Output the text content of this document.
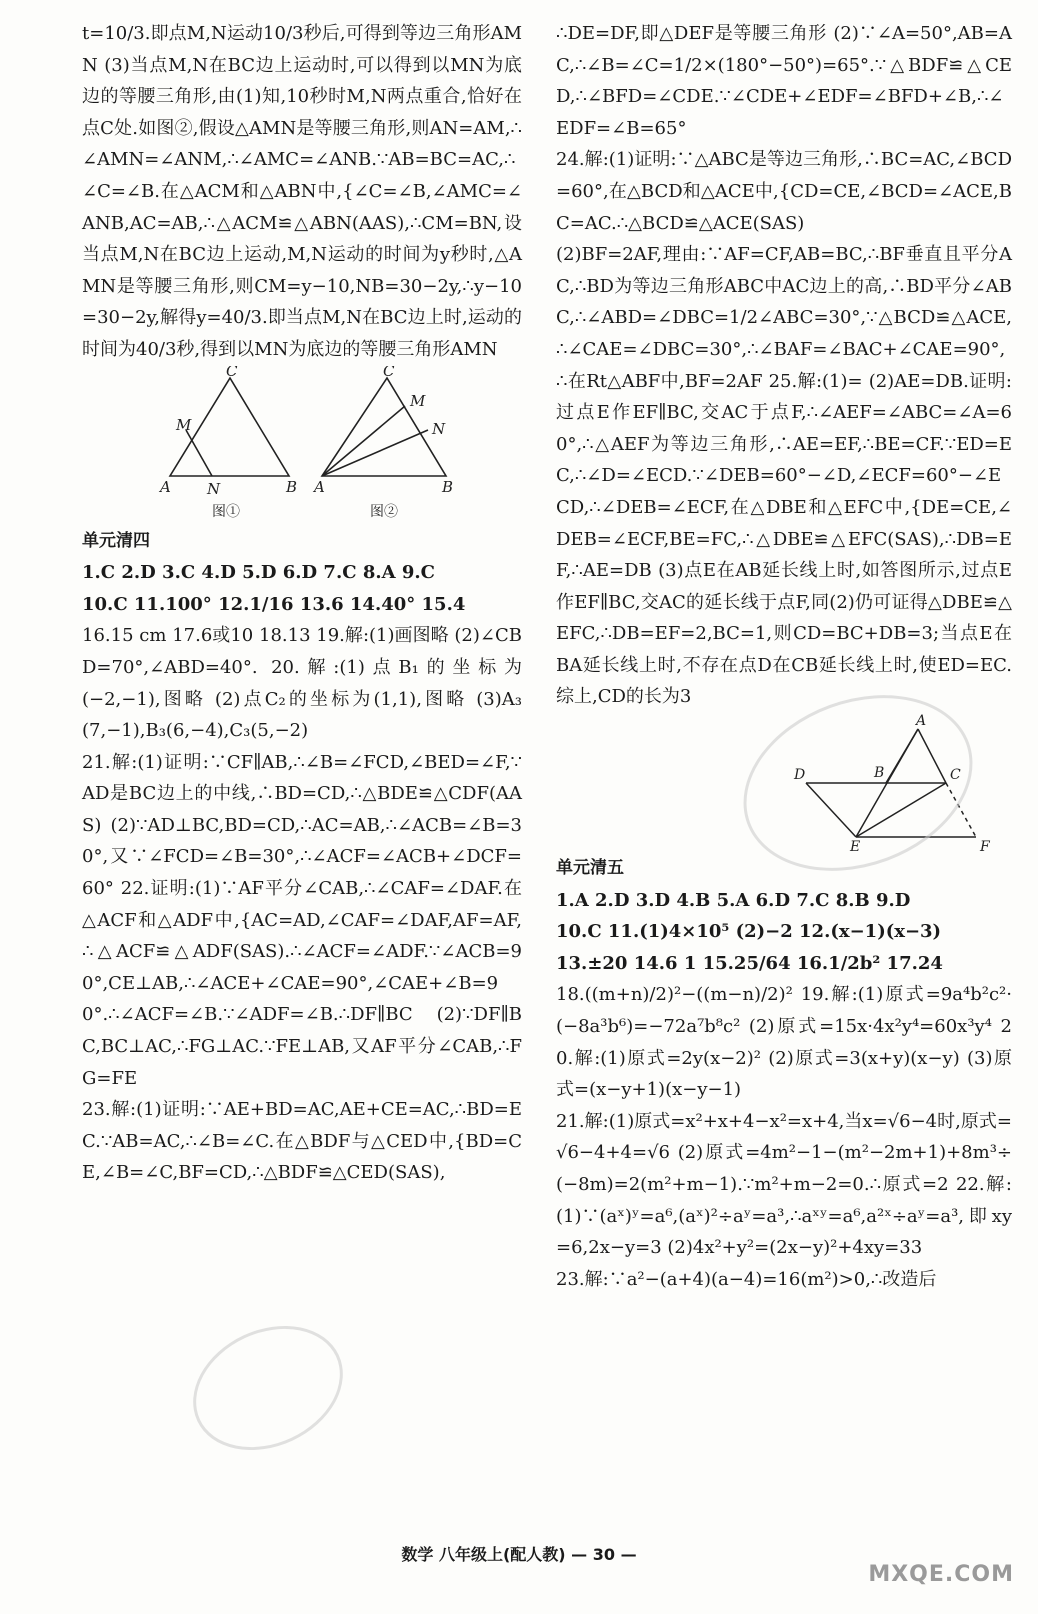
t=10/3.即点M,N运动10/3秒后,可得到等边三角形AMN (3)当点M,N在BC边上运动时,可以得到以MN为底边的等腰三角形,由(1)知,10秒时M,N两点重合,恰好在点C处.如图②,假设△AMN是等腰三角形,则AN=AM,∴∠AMN=∠ANM,∴∠AMC=∠ANB.∵AB=BC=AC,∴∠C=∠B.在△ACM和△ABN中,{∠C=∠B,∠AMC=∠ANB,AC=AB,∴△ACM≌△ABN(AAS),∴CM=BN,设当点M,N在BC边上运动,M,N运动的时间为y秒时,△AMN是等腰三角形,则CM=y−10,NB=30−2y,∴y−10=30−2y,解得y=40/3.即当点M,N在BC边上时,运动的时间为40/3秒,得到以MN为底边的等腰三角形AMN

C
A	B
M
N
C
A	B
M
N
图①	图②

单元清四

1.C 2.D 3.C 4.D 5.D 6.D 7.C 8.A 9.C

10.C 11.100° 12.1/16 13.6 14.40° 15.4

16.15 cm 17.6或10 18.13 19.解:(1)画图略 (2)∠CBD=70°,∠ABD=40°. 20.解:(1)点B₁的坐标为(−2,−1),图略 (2)点C₂的坐标为(1,1),图略 (3)A₃(7,−1),B₃(6,−4),C₃(5,−2)

21.解:(1)证明:∵CF∥AB,∴∠B=∠FCD,∠BED=∠F,∵AD是BC边上的中线,∴BD=CD,∴△BDE≌△CDF(AAS) (2)∵AD⊥BC,BD=CD,∴AC=AB,∴∠ACB=∠B=30°,又∵∠FCD=∠B=30°,∴∠ACF=∠ACB+∠DCF=60° 22.证明:(1)∵AF平分∠CAB,∴∠CAF=∠DAF.在△ACF和△ADF中,{AC=AD,∠CAF=∠DAF,AF=AF,∴△ACF≌△ADF(SAS).∴∠ACF=∠ADF.∵∠ACB=90°,CE⊥AB,∴∠ACE+∠CAE=90°,∠CAE+∠B=90°.∴∠ACF=∠B.∵∠ADF=∠B.∴DF∥BC (2)∵DF∥BC,BC⊥AC,∴FG⊥AC.∵FE⊥AB,又AF平分∠CAB,∴FG=FE

23.解:(1)证明:∵AE+BD=AC,AE+CE=AC,∴BD=EC.∵AB=AC,∴∠B=∠C.在△BDF与△CED中,{BD=CE,∠B=∠C,BF=CD,∴△BDF≌△CED(SAS),

∴DE=DF,即△DEF是等腰三角形 (2)∵∠A=50°,AB=AC,∴∠B=∠C=1/2×(180°−50°)=65°.∵△BDF≌△CED,∴∠BFD=∠CDE.∵∠CDE+∠EDF=∠BFD+∠B,∴∠EDF=∠B=65°

24.解:(1)证明:∵△ABC是等边三角形,∴BC=AC,∠BCD=60°,在△BCD和△ACE中,{CD=CE,∠BCD=∠ACE,BC=AC.∴△BCD≌△ACE(SAS)

(2)BF=2AF,理由:∵AF=CF,AB=BC,∴BF垂直且平分AC,∴BD为等边三角形ABC中AC边上的高,∴BD平分∠ABC,∴∠ABD=∠DBC=1/2∠ABC=30°,∵△BCD≌△ACE,∴∠CAE=∠DBC=30°,∴∠BAF=∠BAC+∠CAE=90°,∴在Rt△ABF中,BF=2AF 25.解:(1)= (2)AE=DB.证明:过点E作EF∥BC,交AC于点F,∴∠AEF=∠ABC=∠A=60°,∴△AEF为等边三角形,∴AE=EF,∴BE=CF.∵ED=EC,∴∠D=∠ECD.∵∠DEB=60°−∠D,∠ECF=60°−∠ECD,∴∠DEB=∠ECF,在△DBE和△EFC中,{DE=CE,∠DEB=∠ECF,BE=FC,∴△DBE≌△EFC(SAS),∴DB=EF,∴AE=DB (3)点E在AB延长线上时,如答图所示,过点E作EF∥BC,交AC的延长线于点F,同(2)仍可证得△DBE≌△EFC,∴DB=EF=2,BC=1,则CD=BC+DB=3;当点E在BA延长线上时,不存在点D在CB延长线上时,使ED=EC.综上,CD的长为3

A
B	C
D
E	F

单元清五

1.A 2.D 3.D 4.B 5.A 6.D 7.C 8.B 9.D

10.C 11.(1)4×10⁵ (2)−2 12.(x−1)(x−3)

13.±20 14.6 1 15.25/64 16.1/2b² 17.24

18.((m+n)/2)²−((m−n)/2)² 19.解:(1)原式=9a⁴b²c²·(−8a³b⁶)=−72a⁷b⁸c² (2)原式=15x·4x²y⁴=60x³y⁴ 20.解:(1)原式=2y(x−2)² (2)原式=3(x+y)(x−y) (3)原式=(x−y+1)(x−y−1)

21.解:(1)原式=x²+x+4−x²=x+4,当x=√6−4时,原式=√6−4+4=√6 (2)原式=4m²−1−(m²−2m+1)+8m³÷(−8m)=2(m²+m−1).∵m²+m−2=0.∴原式=2 22.解:(1)∵(aˣ)ʸ=a⁶,(aˣ)²÷aʸ=a³,∴aˣʸ=a⁶,a²ˣ÷aʸ=a³,即xy=6,2x−y=3 (2)4x²+y²=(2x−y)²+4xy=33

23.解:∵a²−(a+4)(a−4)=16(m²)>0,∴改造后

数学 八年级上(配人教) — 30 —
MXQE.COM
